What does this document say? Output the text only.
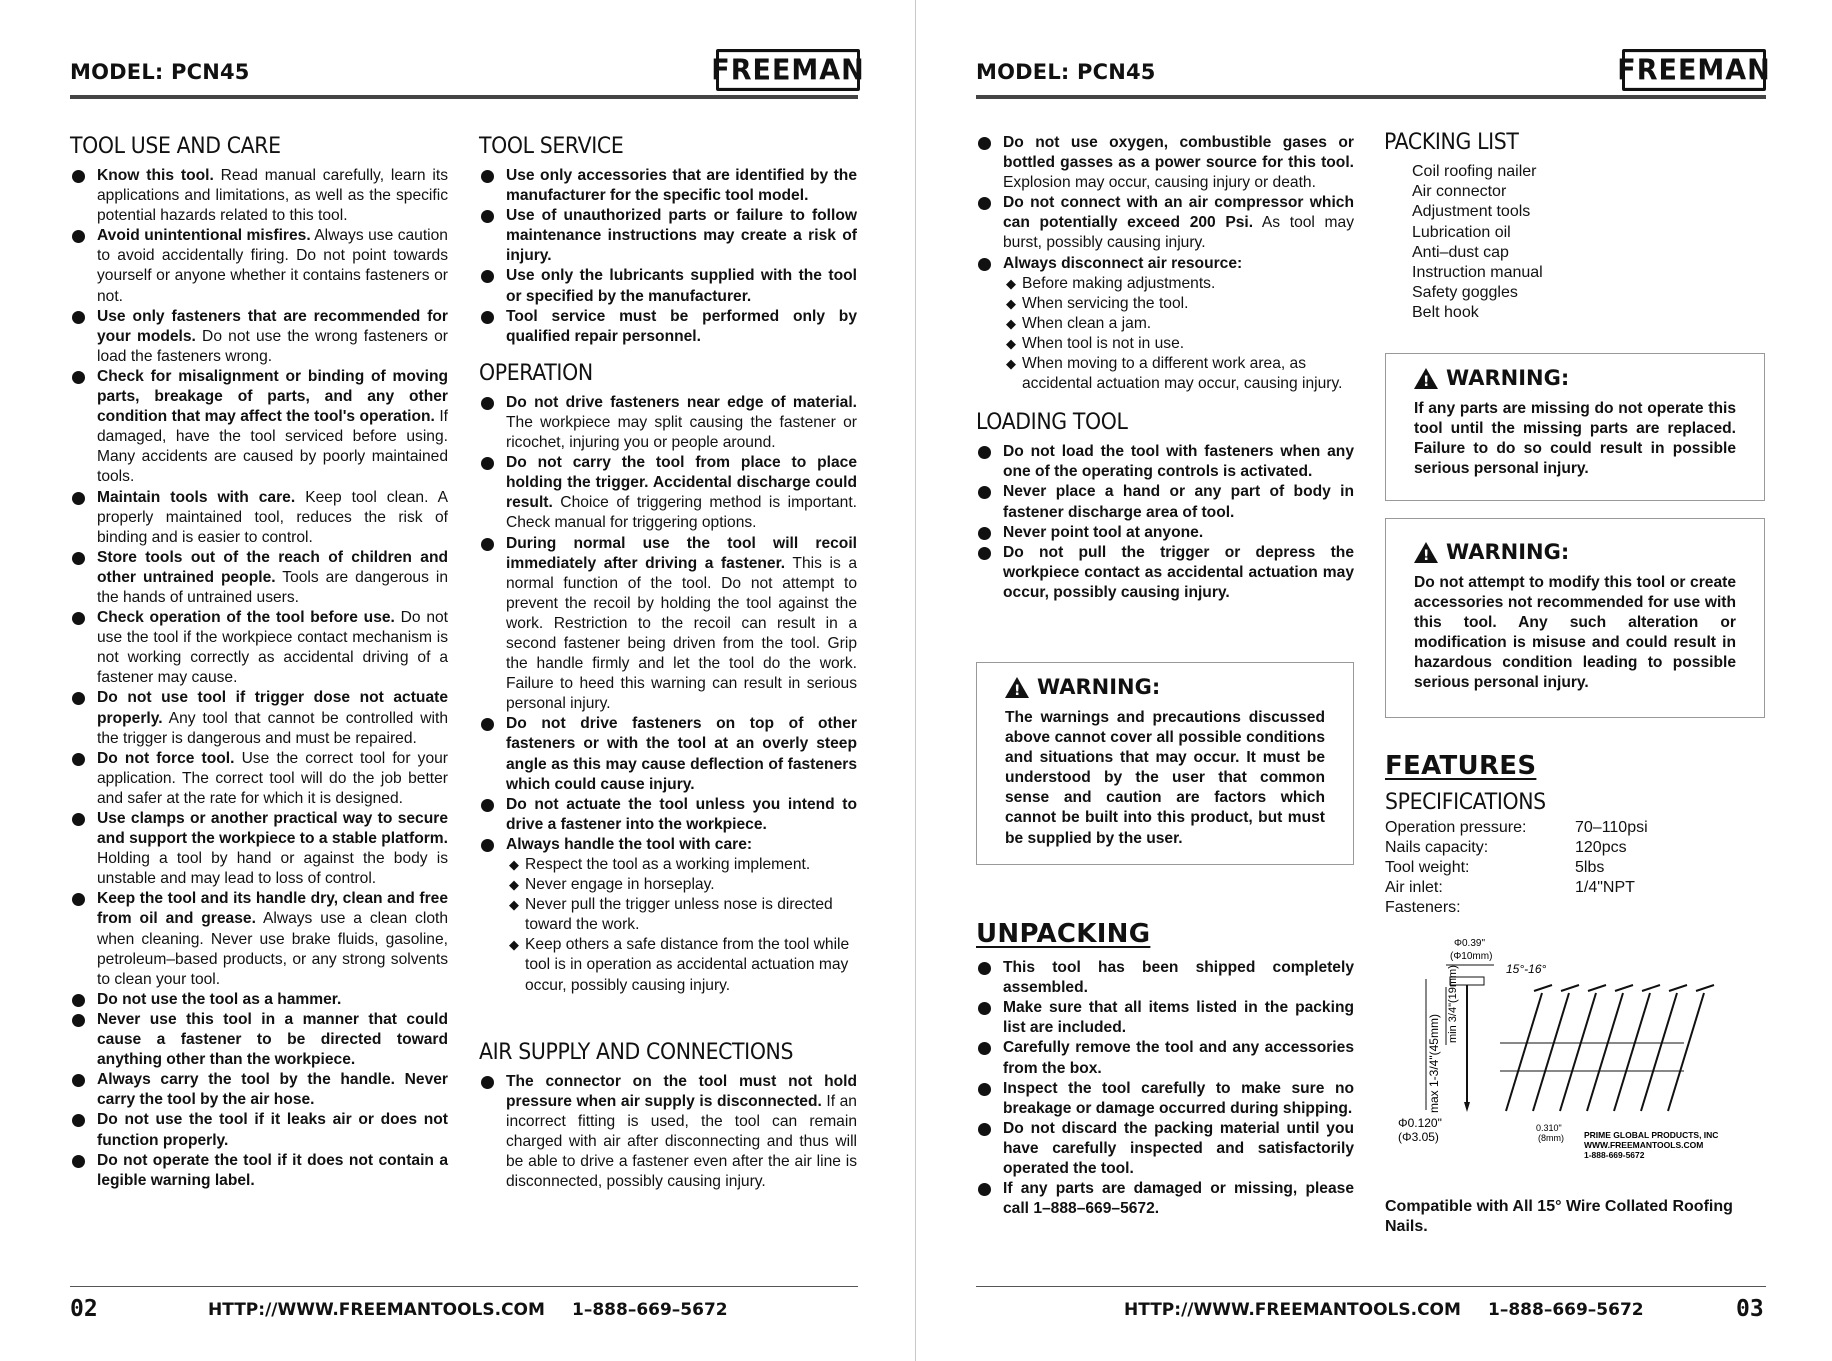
MODEL: PCN45	FREEMAN
TOOL USE AND CARE
Know this tool. Read manual carefully, learn its applications and limitations, as well as the specific potential hazards related to this tool.
Avoid unintentional misfires. Always use caution to avoid accidentally firing. Do not point towards yourself or anyone whether it contains fasteners or not.
Use only fasteners that are recommended for your models. Do not use the wrong fasteners or load the fasteners wrong.
Check for misalignment or binding of moving parts, breakage of parts, and any other condition that may affect the tool's operation. If damaged, have the tool serviced before using. Many accidents are caused by poorly maintained tools.
Maintain tools with care. Keep tool clean. A properly maintained tool, reduces the risk of binding and is easier to control.
Store tools out of the reach of children and other untrained people. Tools are dangerous in the hands of untrained users.
Check operation of the tool before use. Do not use the tool if the workpiece contact mechanism is not working correctly as accidental driving of a fastener may cause.
Do not use tool if trigger dose not actuate properly. Any tool that cannot be controlled with the trigger is dangerous and must be repaired.
Do not force tool. Use the correct tool for your application. The correct tool will do the job better and safer at the rate for which it is designed.
Use clamps or another practical way to secure and support the workpiece to a stable platform. Holding a tool by hand or against the body is unstable and may lead to loss of control.
Keep the tool and its handle dry, clean and free from oil and grease. Always use a clean cloth when cleaning. Never use brake fluids, gasoline, petroleum–based products, or any strong solvents to clean your tool.
Do not use the tool as a hammer.
Never use this tool in a manner that could cause a fastener to be directed toward anything other than the workpiece.
Always carry the tool by the handle. Never carry the tool by the air hose.
Do not use the tool if it leaks air or does not function properly.
Do not operate the tool if it does not contain a legible warning label.
TOOL SERVICE
Use only accessories that are identified by the manufacturer for the specific tool model.
Use of unauthorized parts or failure to follow maintenance instructions may create a risk of injury.
Use only the lubricants supplied with the tool or specified by the manufacturer.
Tool service must be performed only by qualified repair personnel.
OPERATION
Do not drive fasteners near edge of material. The workpiece may split causing the fastener or ricochet, injuring you or people around.
Do not carry the tool from place to place holding the trigger. Accidental discharge could result. Choice of triggering method is important. Check manual for triggering options.
During normal use the tool will recoil immediately after driving a fastener. This is a normal function of the tool. Do not attempt to prevent the recoil by holding the tool against the work. Restriction to the recoil can result in a second fastener being driven from the tool. Grip the handle firmly and let the tool do the work. Failure to heed this warning can result in serious personal injury.
Do not drive fasteners on top of other fasteners or with the tool at an overly steep angle as this may cause deflection of fasteners which could cause injury.
Do not actuate the tool unless you intend to drive a fastener into the workpiece.
Always handle the tool with care:
◆ Respect the tool as a working implement.
◆ Never engage in horseplay.
◆ Never pull the trigger unless nose is directed toward the work.
◆ Keep others a safe distance from the tool while tool is in operation as accidental actuation may occur, possibly causing injury.
AIR SUPPLY AND CONNECTIONS
The connector on the tool must not hold pressure when air supply is disconnected. If an incorrect fitting is used, the tool can remain charged with air after disconnecting and thus will be able to drive a fastener even after the air line is disconnected, possibly causing injury.
02	HTTP://WWW.FREEMANTOOLS.COM 1–888–669–5672
MODEL: PCN45	FREEMAN
Do not use oxygen, combustible gases or bottled gasses as a power source for this tool. Explosion may occur, causing injury or death.
Do not connect with an air compressor which can potentially exceed 200 Psi. As tool may burst, possibly causing injury.
Always disconnect air resource:
◆ Before making adjustments.
◆ When servicing the tool.
◆ When clean a jam.
◆ When tool is not in use.
◆ When moving to a different work area, as accidental actuation may occur, causing injury.
LOADING TOOL
Do not load the tool with fasteners when any one of the operating controls is activated.
Never place a hand or any part of body in fastener discharge area of tool.
Never point tool at anyone.
Do not pull the trigger or depress the workpiece contact as accidental actuation may occur, possibly causing injury.
!
WARNING:
The warnings and precautions discussed above cannot cover all possible conditions and situations that may occur. It must be understood by the user that common sense and caution are factors which cannot be built into this product, but must be supplied by the user.
UNPACKING
This tool has been shipped completely assembled.
Make sure that all items listed in the packing list are included.
Carefully remove the tool and any accessories from the box.
Inspect the tool carefully to make sure no breakage or damage occurred during shipping.
Do not discard the packing material until you have carefully inspected and satisfactorily operated the tool.
If any parts are damaged or missing, please call 1–888–669–5672.
PACKING LIST
Coil roofing nailer
Air connector
Adjustment tools
Lubrication oil
Anti–dust cap
Instruction manual
Safety goggles
Belt hook
!
WARNING:
If any parts are missing do not operate this tool until the missing parts are replaced. Failure to do so could result in possible serious personal injury.
!
WARNING:
Do not attempt to modify this tool or create accessories not recommended for use with this tool. Any such alteration or modification is misuse and could result in hazardous condition leading to possible serious personal injury.
FEATURES
SPECIFICATIONS
Operation pressure:	70–110psi
Nails capacity:	120pcs
Tool weight:	5lbs
Air inlet:	1/4"NPT
Fasteners:	
Φ0.39"
(Φ10mm)
max 1-3/4"(45mm)
min 3/4"(19mm)
Φ0.120"
(Φ3.05)
15°-16°
0.310"
(8mm) PRIME GLOBAL PRODUCTS, INC
WWW.FREEMANTOOLS.COM
1-888-669-5672
Compatible with All 15° Wire Collated Roofing Nails.
HTTP://WWW.FREEMANTOOLS.COM 1–888–669–5672	03
